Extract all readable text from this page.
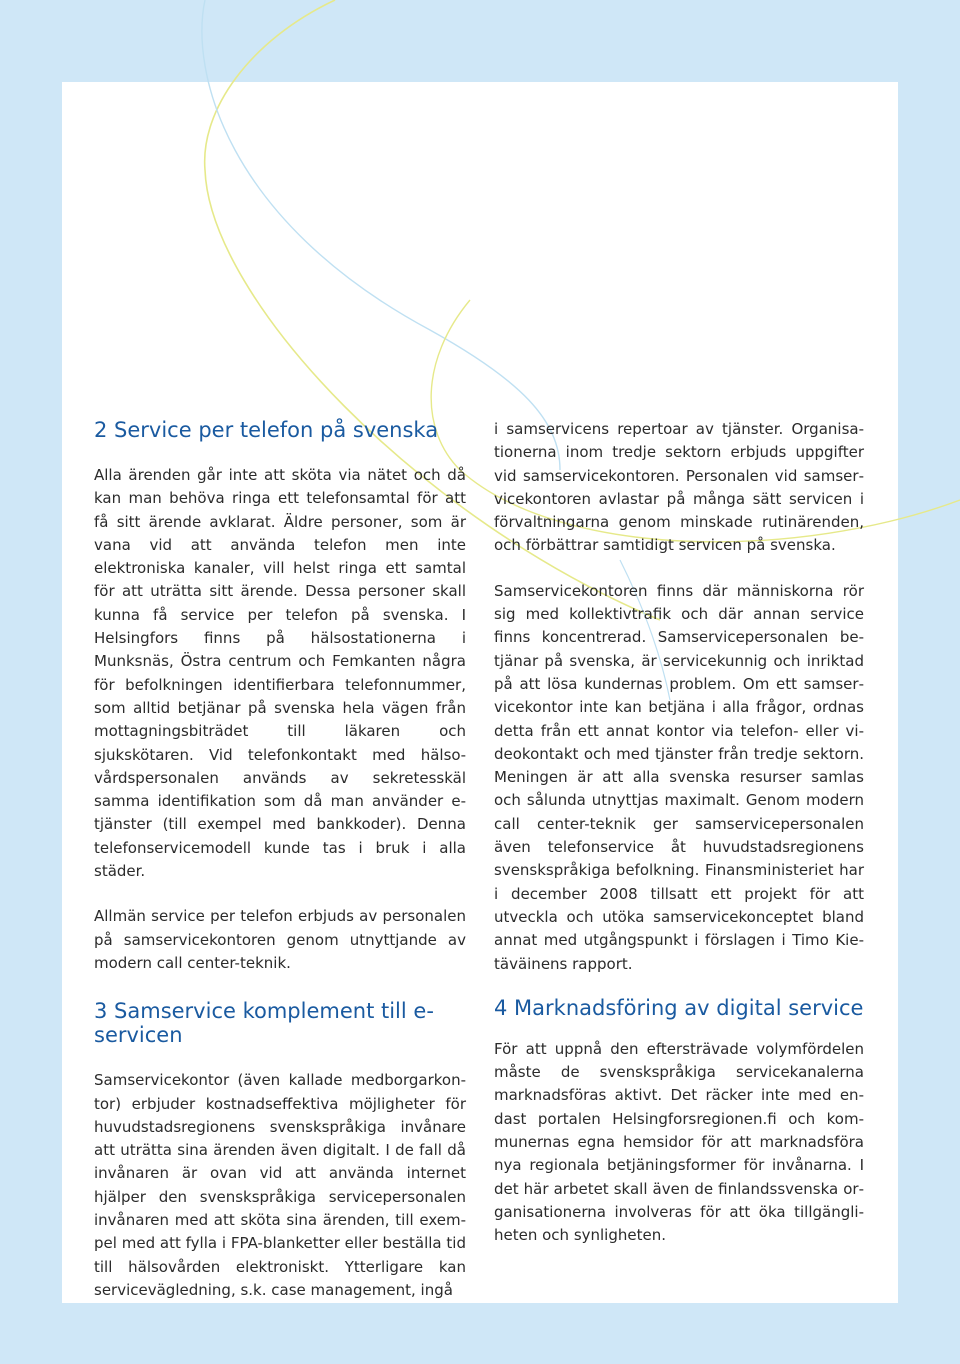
2 Service per telefon på svenska

Alla ärenden går inte att sköta via nätet och då kan man behöva ringa ett telefonsamtal för att få sitt ärende avklarat. Äldre personer, som är vana vid att använda telefon men inte elektroniska kanaler, vill helst ringa ett samtal för att uträtta sitt ärende. Dessa personer skall kunna få service per telefon på svenska. I Helsingfors finns på hälsostationerna i Munksnäs, Östra centrum och Femkanten några för befolkningen identifierbara telefonnummer, som alltid betjänar på svenska hela vägen från mottagningsbiträdet till läkaren och sjukskötaren. Vid telefonkontakt med hälsovårdspersonalen används av sekretesskäl samma identifikation som då man använder e-tjänster (till exempel med bankkoder). Denna telefonservicemodell kunde tas i bruk i alla städer.

Allmän service per telefon erbjuds av personalen på samservicekontoren genom utnyttjande av modern call center-teknik.

3 Samservice komplement till e-servicen

Samservicekontor (även kallade medborgarkontor) erbjuder kostnadseffektiva möjligheter för huvudstadsregionens svenskspråkiga invånare att uträtta sina ärenden även digitalt. I de fall då invånaren är ovan vid att använda internet hjälper den svenskspråkiga servicepersonalen invånaren med att sköta sina ärenden, till exempel med att fylla i FPA-blanketter eller beställa tid till hälsovården elektroniskt. Ytterligare kan servicevägledning, s.k. case management, ingå

i samservicens repertoar av tjänster. Organisationerna inom tredje sektorn erbjuds uppgifter vid samservicekontoren. Personalen vid samservicekontoren avlastar på många sätt servicen i förvaltningarna genom minskade rutinärenden, och förbättrar samtidigt servicen på svenska.

Samservicekontoren finns där människorna rör sig med kollektivtrafik och där annan service finns koncentrerad. Samservicepersonalen betjänar på svenska, är servicekunnig och inriktad på att lösa kundernas problem. Om ett samservicekontor inte kan betjäna i alla frågor, ordnas detta från ett annat kontor via telefon- eller videokontakt och med tjänster från tredje sektorn. Meningen är att alla svenska resurser samlas och sålunda utnyttjas maximalt. Genom modern call center-teknik ger samservicepersonalen även telefonservice åt huvudstadsregionens svenskspråkiga befolkning. Finansministeriet har i december 2008 tillsatt ett projekt för att utveckla och utöka samservicekonceptet bland annat med utgångspunkt i förslagen i Timo Kietäväinens rapport.

4 Marknadsföring av digital service

För att uppnå den eftersträvade volymfördelen måste de svenskspråkiga servicekanalerna marknadsföras aktivt. Det räcker inte med endast portalen Helsingforsregionen.fi och kommunernas egna hemsidor för att marknadsföra nya regionala betjäningsformer för invånarna. I det här arbetet skall även de finlandssvenska organisationerna involveras för att öka tillgängliheten och synligheten.
